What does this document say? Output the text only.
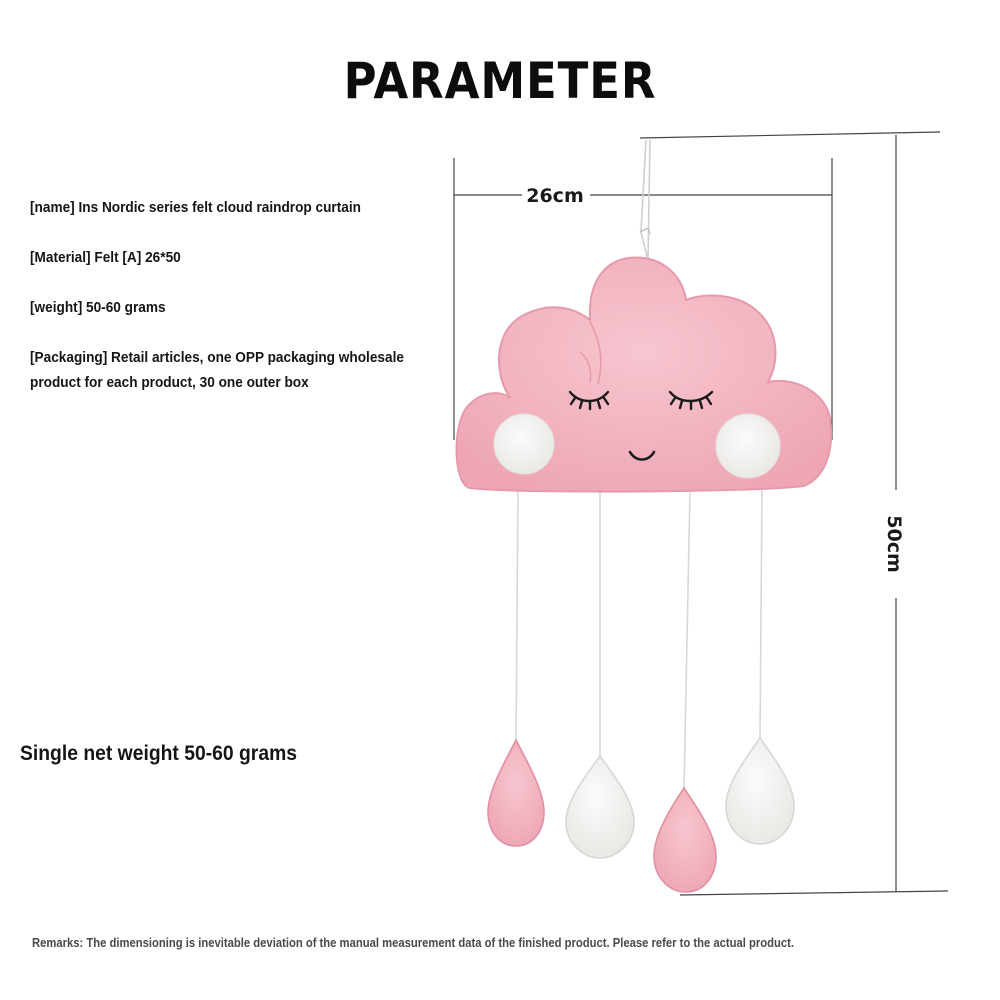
PARAMETER
[name] Ins Nordic series felt cloud raindrop curtain
[Material] Felt [A] 26*50
[weight] 50-60 grams
[Packaging] Retail articles, one OPP packaging wholesale product for each product, 30 one outer box
Single net weight 50-60 grams
26cm
50cm
Remarks: The dimensioning is inevitable deviation of the manual measurement data of the finished product. Please refer to the actual product.
